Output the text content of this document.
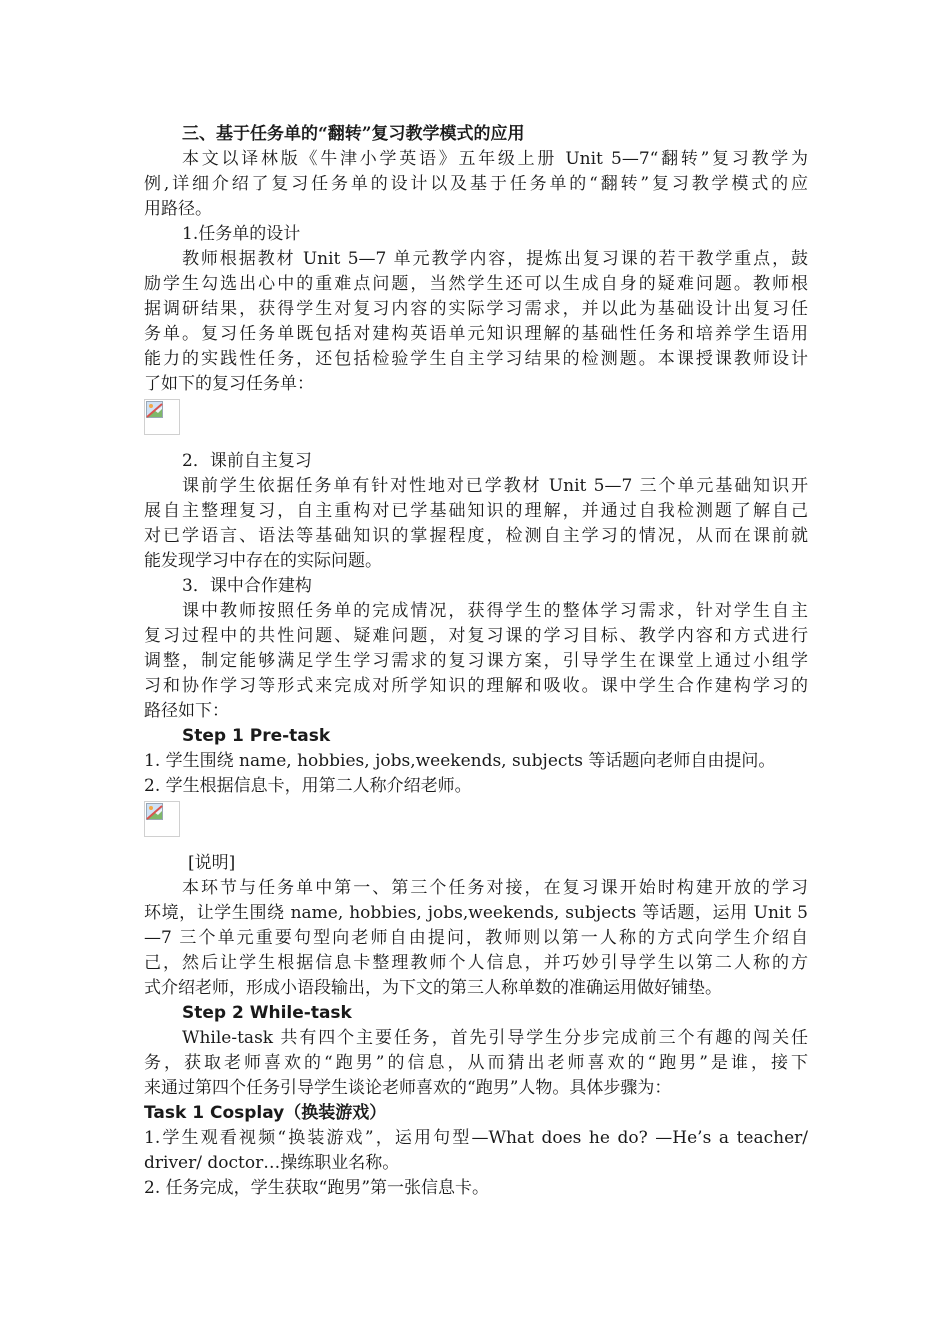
三、基于任务单的“翻转”复习教学模式的应用
本文以译林版《牛津小学英语》五年级上册 Unit 5—7“翻转”复习教学为
例,详细介绍了复习任务单的设计以及基于任务单的“翻转”复习教学模式的应
用路径。
1.任务单的设计
教师根据教材 Unit 5—7 单元教学内容，提炼出复习课的若干教学重点，鼓
励学生勾选出心中的重难点问题，当然学生还可以生成自身的疑难问题。教师根
据调研结果，获得学生对复习内容的实际学习需求，并以此为基础设计出复习任
务单。复习任务单既包括对建构英语单元知识理解的基础性任务和培养学生语用
能力的实践性任务，还包括检验学生自主学习结果的检测题。本课授课教师设计
了如下的复习任务单：
2．课前自主复习
课前学生依据任务单有针对性地对已学教材 Unit 5—7 三个单元基础知识开
展自主整理复习，自主重构对已学基础知识的理解，并通过自我检测题了解自己
对已学语言、语法等基础知识的掌握程度，检测自主学习的情况，从而在课前就
能发现学习中存在的实际问题。
3．课中合作建构
课中教师按照任务单的完成情况，获得学生的整体学习需求，针对学生自主
复习过程中的共性问题、疑难问题，对复习课的学习目标、教学内容和方式进行
调整，制定能够满足学生学习需求的复习课方案，引导学生在课堂上通过小组学
习和协作学习等形式来完成对所学知识的理解和吸收。课中学生合作建构学习的
路径如下：
Step 1 Pre-task
1. 学生围绕 name, hobbies, jobs,weekends, subjects 等话题向老师自由提问。
2. 学生根据信息卡，用第二人称介绍老师。
[说明]
本环节与任务单中第一、第三个任务对接，在复习课开始时构建开放的学习
环境，让学生围绕 name, hobbies, jobs,weekends, subjects 等话题，运用 Unit 5
—7 三个单元重要句型向老师自由提问，教师则以第一人称的方式向学生介绍自
己，然后让学生根据信息卡整理教师个人信息，并巧妙引导学生以第二人称的方
式介绍老师，形成小语段输出，为下文的第三人称单数的准确运用做好铺垫。
Step 2 While-task
While-task 共有四个主要任务，首先引导学生分步完成前三个有趣的闯关任
务，获取老师喜欢的“跑男”的信息，从而猜出老师喜欢的“跑男”是谁，接下
来通过第四个任务引导学生谈论老师喜欢的“跑男”人物。具体步骤为：
Task 1 Cosplay（换装游戏）
1.学生观看视频“换装游戏”，运用句型—What does he do? —He’s a teacher/
driver/ doctor…操练职业名称。
2. 任务完成，学生获取“跑男”第一张信息卡。
